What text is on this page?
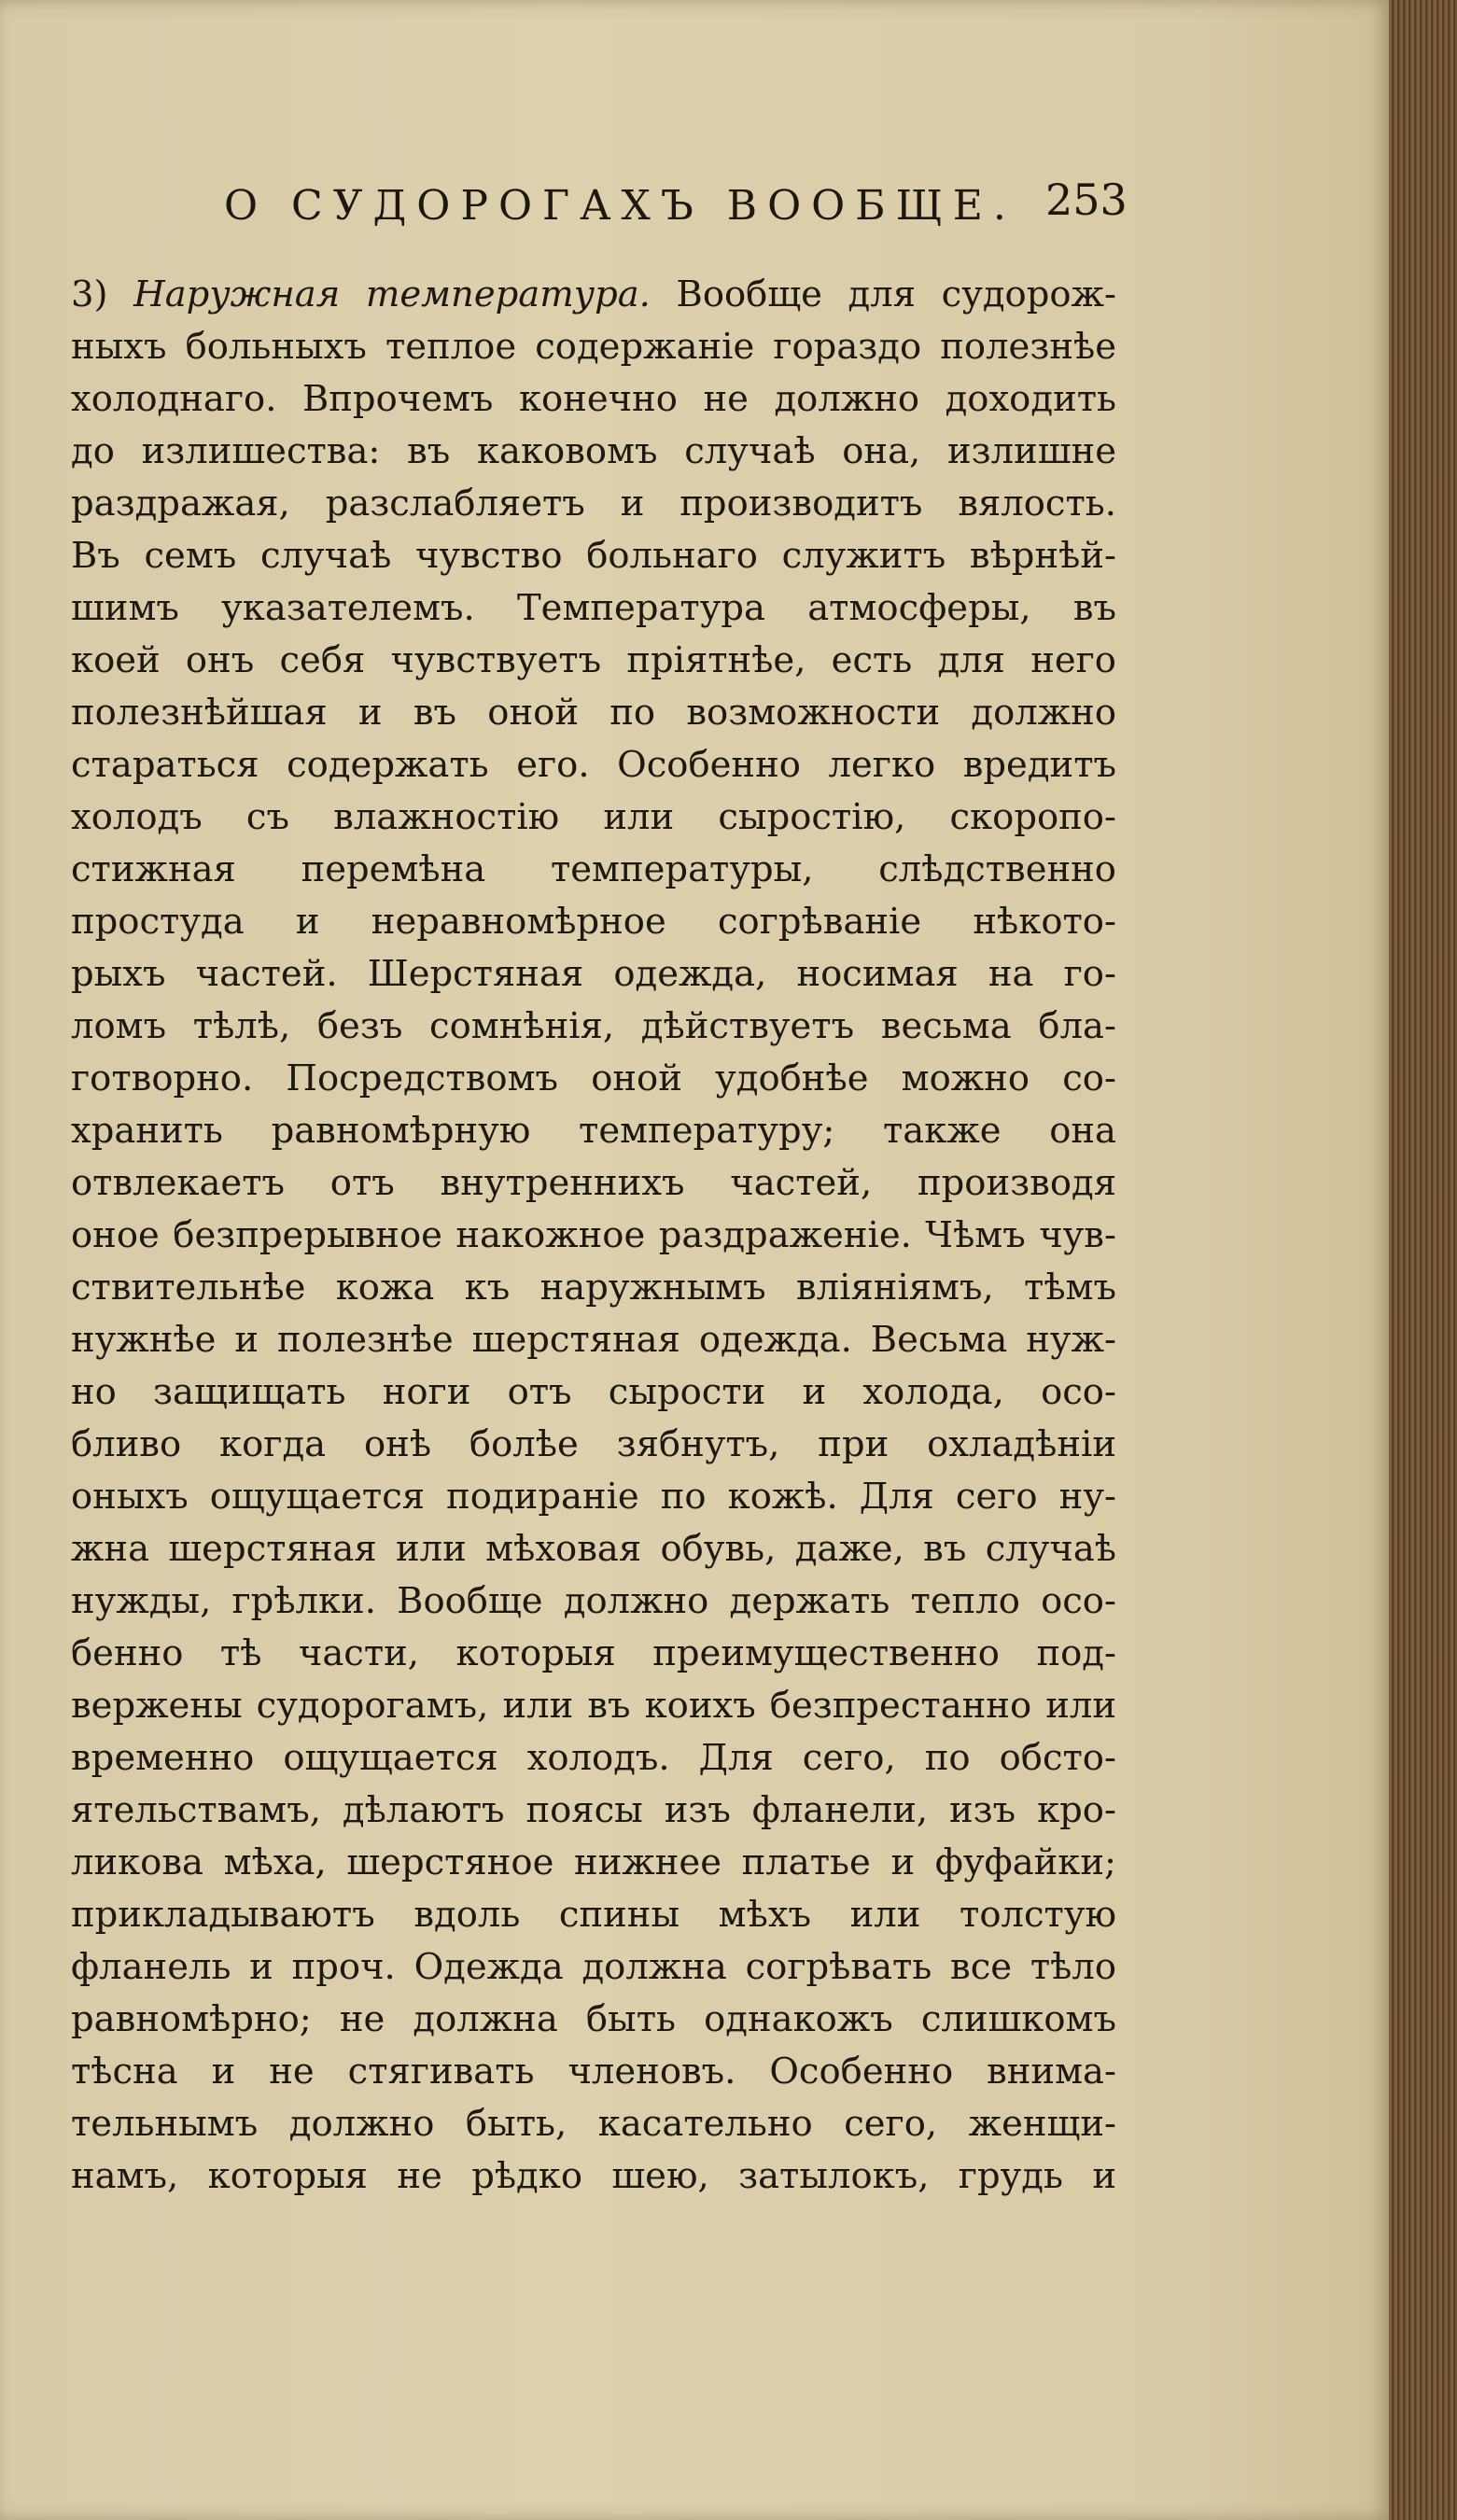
О СУДОРОГАХЪ ВООБЩЕ. 253
3) Наружная температура. Вообще для судорож-
ныхъ больныхъ теплое содержаніе гораздо полезнѣе
холоднаго. Впрочемъ конечно не должно доходить
до излишества: въ каковомъ случаѣ она, излишне
раздражая, разслабляетъ и производитъ вялость.
Въ семъ случаѣ чувство больнаго служитъ вѣрнѣй-
шимъ указателемъ. Температура атмосферы, въ
коей онъ себя чувствуетъ пріятнѣе, есть для него
полезнѣйшая и въ оной по возможности должно
стараться содержать его. Особенно легко вредитъ
холодъ съ влажностію или сыростію, скоропо-
стижная перемѣна температуры, слѣдственно
простуда и неравномѣрное согрѣваніе нѣкото-
рыхъ частей. Шерстяная одежда, носимая на го-
ломъ тѣлѣ, безъ сомнѣнія, дѣйствуетъ весьма бла-
готворно. Посредствомъ оной удобнѣе можно со-
хранить равномѣрную температуру; также она
отвлекаетъ отъ внутреннихъ частей, производя
оное безпрерывное накожное раздраженіе. Чѣмъ чув-
ствительнѣе кожа къ наружнымъ вліяніямъ, тѣмъ
нужнѣе и полезнѣе шерстяная одежда. Весьма нуж-
но защищать ноги отъ сырости и холода, осо-
бливо когда онѣ болѣе зябнутъ, при охладѣніи
оныхъ ощущается подираніе по кожѣ. Для сего ну-
жна шерстяная или мѣховая обувь, даже, въ случаѣ
нужды, грѣлки. Вообще должно держать тепло осо-
бенно тѣ части, которыя преимущественно под-
вержены судорогамъ, или въ коихъ безпрестанно или
временно ощущается холодъ. Для сего, по обсто-
ятельствамъ, дѣлаютъ поясы изъ фланели, изъ кро-
ликова мѣха, шерстяное нижнее платье и фуфайки;
прикладываютъ вдоль спины мѣхъ или толстую
фланель и проч. Одежда должна согрѣвать все тѣло
равномѣрно; не должна быть однакожъ слишкомъ
тѣсна и не стягивать членовъ. Особенно внима-
тельнымъ должно быть, касательно сего, женщи-
намъ, которыя не рѣдко шею, затылокъ, грудь и
